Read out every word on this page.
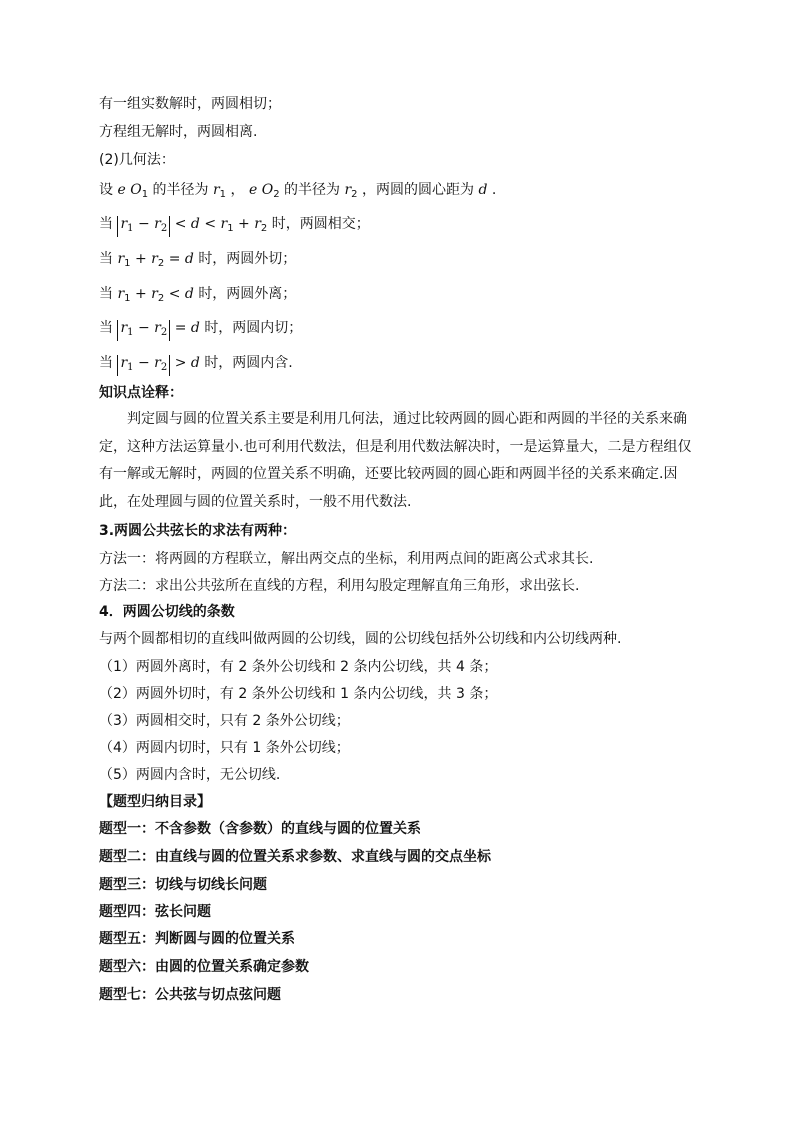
有一组实数解时，两圆相切；
方程组无解时，两圆相离.
(2)几何法：
设 e $O_1$ 的半径为 $r_1$ ， e $O_2$ 的半径为 $r_2$ ，两圆的圆心距为 d .
当 $r_1 - r_2 < d < r_1 + r_2$ 时，两圆相交；
当 $r_1 + r_2 = d$ 时，两圆外切；
当 $r_1 + r_2 < d$ 时，两圆外离；
当 $r_1 - r_2 = d$ 时，两圆内切；
当 $r_1 - r_2 > d$ 时，两圆内含.
知识点诠释：
判定圆与圆的位置关系主要是利用几何法，通过比较两圆的圆心距和两圆的半径的关系来确定，这种方法运算量小.也可利用代数法，但是利用代数法解决时，一是运算量大，二是方程组仅有一解或无解时，两圆的位置关系不明确，还要比较两圆的圆心距和两圆半径的关系来确定.因此，在处理圆与圆的位置关系时，一般不用代数法.
3.两圆公共弦长的求法有两种：
方法一：将两圆的方程联立，解出两交点的坐标，利用两点间的距离公式求其长.
方法二：求出公共弦所在直线的方程，利用勾股定理解直角三角形，求出弦长.
4．两圆公切线的条数
与两个圆都相切的直线叫做两圆的公切线，圆的公切线包括外公切线和内公切线两种.
（1）两圆外离时，有 2 条外公切线和 2 条内公切线，共 4 条；
（2）两圆外切时，有 2 条外公切线和 1 条内公切线，共 3 条；
（3）两圆相交时，只有 2 条外公切线；
（4）两圆内切时，只有 1 条外公切线；
（5）两圆内含时，无公切线.
【题型归纳目录】
题型一：不含参数（含参数）的直线与圆的位置关系
题型二：由直线与圆的位置关系求参数、求直线与圆的交点坐标
题型三：切线与切线长问题
题型四：弦长问题
题型五：判断圆与圆的位置关系
题型六：由圆的位置关系确定参数
题型七：公共弦与切点弦问题
